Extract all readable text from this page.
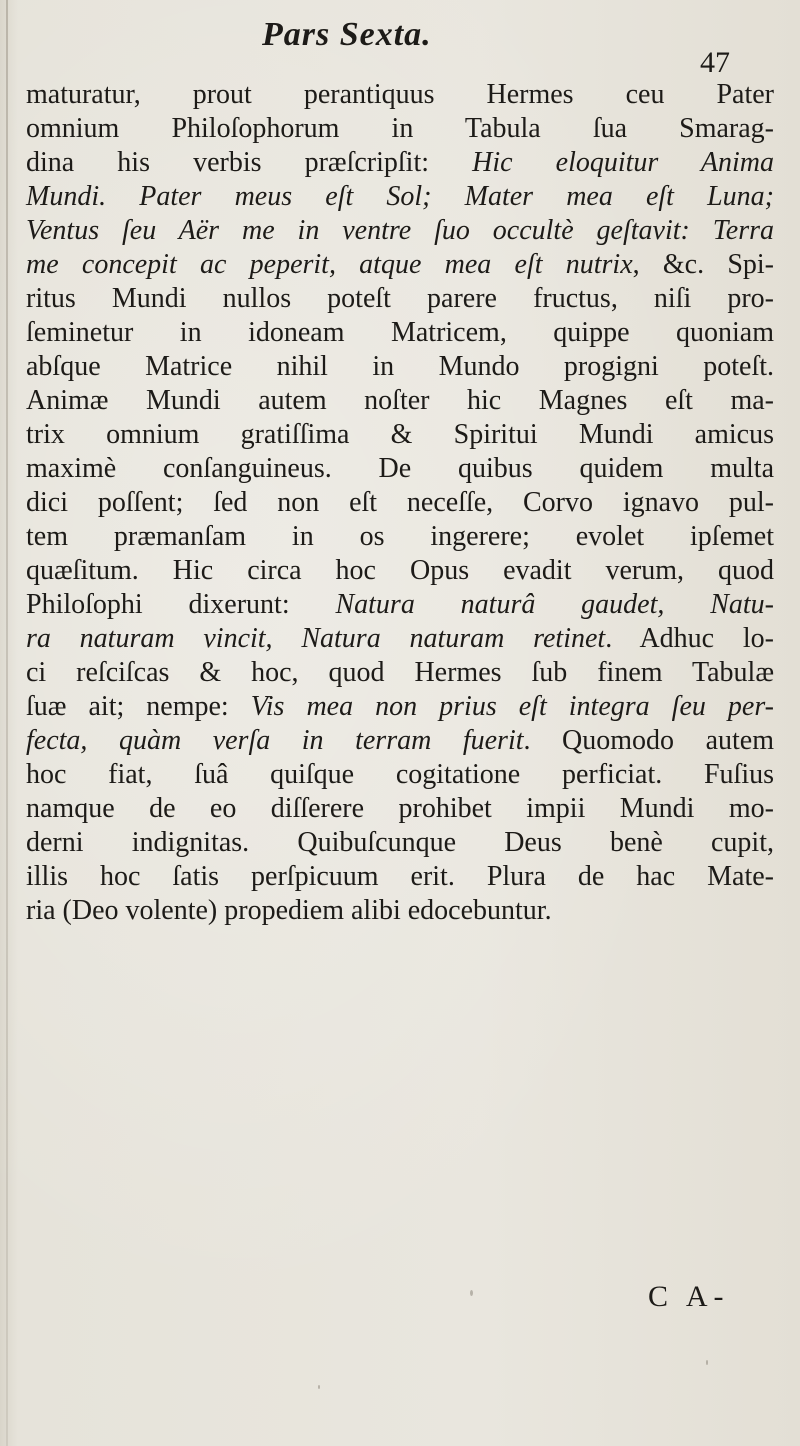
Pars Sexta.
47
maturatur, prout perantiquus Hermes ceu Pater
omnium Philoſophorum in Tabula ſua Smarag-
dina his verbis præſcripſit: Hic eloquitur Anima
Mundi. Pater meus eſt Sol; Mater mea eſt Luna;
Ventus ſeu Aër me in ventre ſuo occultè geſtavit: Terra
me concepit ac peperit, atque mea eſt nutrix, &c. Spi-
ritus Mundi nullos poteſt parere fructus, niſi pro-
ſeminetur in idoneam Matricem, quippe quoniam
abſque Matrice nihil in Mundo progigni poteſt.
Animæ Mundi autem noſter hic Magnes eſt ma-
trix omnium gratiſſima & Spiritui Mundi amicus
maximè conſanguineus. De quibus quidem multa
dici poſſent; ſed non eſt neceſſe, Corvo ignavo pul-
tem præmanſam in os ingerere; evolet ipſemet
quæſitum. Hic circa hoc Opus evadit verum, quod
Philoſophi dixerunt: Natura naturâ gaudet, Natu-
ra naturam vincit, Natura naturam retinet. Adhuc lo-
ci reſciſcas & hoc, quod Hermes ſub finem Tabulæ
ſuæ ait; nempe: Vis mea non prius eſt integra ſeu per-
fecta, quàm verſa in terram fuerit. Quomodo autem
hoc fiat, ſuâ quiſque cogitatione perficiat. Fuſius
namque de eo diſſerere prohibet impii Mundi mo-
derni indignitas. Quibuſcunque Deus benè cupit,
illis hoc ſatis perſpicuum erit. Plura de hac Mate-
ria (Deo volente) propediem alibi edocebuntur.
C A-
